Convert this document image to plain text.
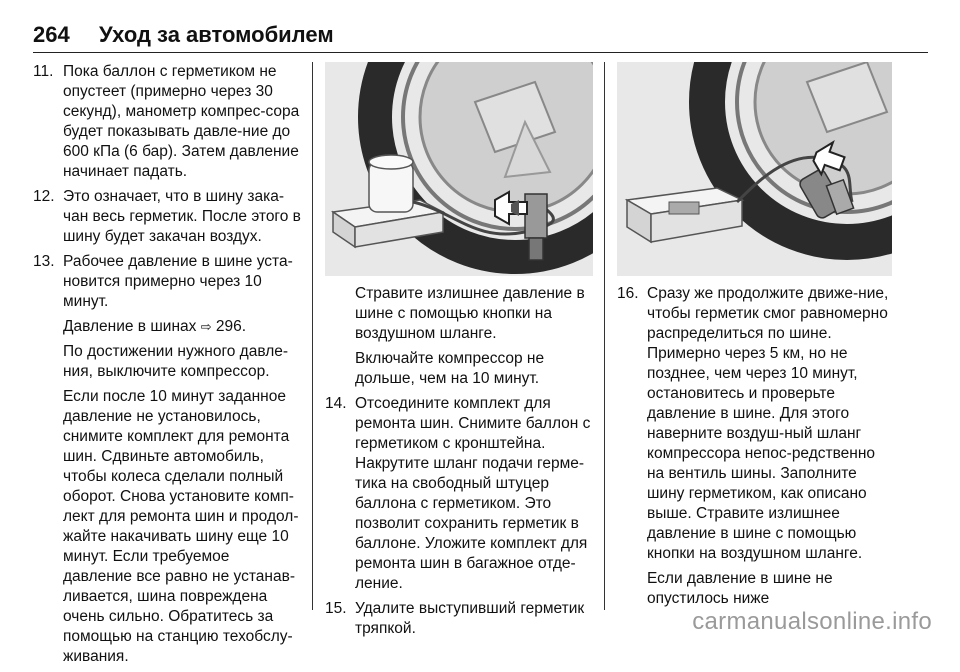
264 Уход за автомобилем
11. Пока баллон с герметиком не опустеет (примерно через 30 секунд), манометр компрес-сора будет показывать давле-ние до 600 кПа (6 бар). Затем давление начинает падать.
12. Это означает, что в шину зака-чан весь герметик. После этого в шину будет закачан воздух.
13. Рабочее давление в шине уста-новится примерно через 10 минут.
Давление в шинах ⇨ 296.
По достижении нужного давле-ния, выключите компрессор.
Если после 10 минут заданное давление не установилось, снимите комплект для ремонта шин. Сдвиньте автомобиль, чтобы колеса сделали полный оборот. Снова установите комп-лект для ремонта шин и продол-жайте накачивать шину еще 10 минут. Если требуемое давление все равно не устанав-ливается, шина повреждена очень сильно. Обратитесь за помощью на станцию техобслу-живания.
Стравите излишнее давление в шине с помощью кнопки на воздушном шланге.
Включайте компрессор не дольше, чем на 10 минут.
14. Отсоедините комплект для ремонта шин. Снимите баллон с герметиком с кронштейна. Накрутите шланг подачи герме-тика на свободный штуцер баллона с герметиком. Это позволит сохранить герметик в баллоне. Уложите комплект для ремонта шин в багажное отде-ление.
15. Удалите выступивший герметик тряпкой.
16. Сразу же продолжите движе-ние, чтобы герметик смог равномерно распределиться по шине. Примерно через 5 км, но не позднее, чем через 10 минут, остановитесь и проверьте давление в шине. Для этого наверните воздуш-ный шланг компрессора непос-редственно на вентиль шины. Заполните шину герметиком, как описано выше. Стравите излишнее давление в шине с помощью кнопки на воздушном шланге.
Если давление в шине не опустилось ниже
carmanualsonline.info
